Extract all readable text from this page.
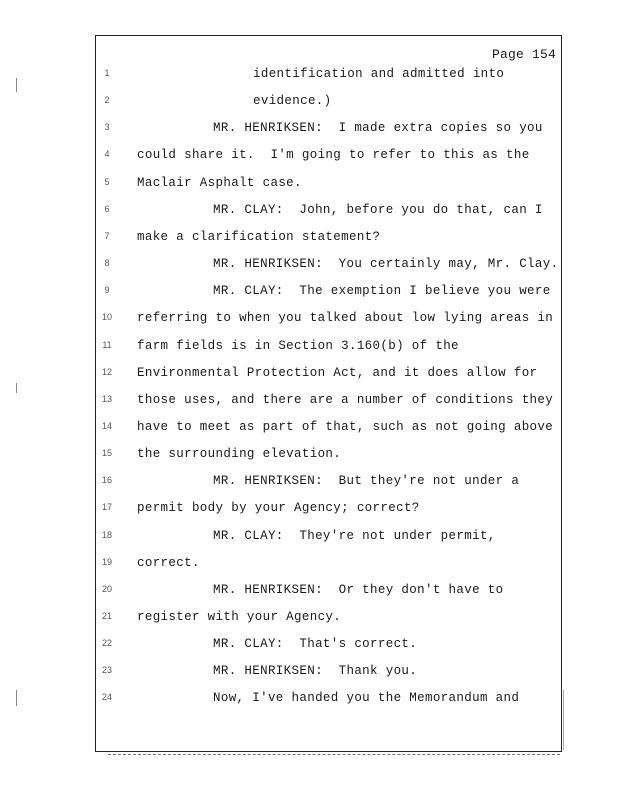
Page 154
1	identification and admitted into
2	evidence.)
3	MR. HENRIKSEN:  I made extra copies so you
4	could share it.  I'm going to refer to this as the
5	Maclair Asphalt case.
6	MR. CLAY:  John, before you do that, can I
7	make a clarification statement?
8	MR. HENRIKSEN:  You certainly may, Mr. Clay.
9	MR. CLAY:  The exemption I believe you were
10	referring to when you talked about low lying areas in
11	farm fields is in Section 3.160(b) of the
12	Environmental Protection Act, and it does allow for
13	those uses, and there are a number of conditions they
14	have to meet as part of that, such as not going above
15	the surrounding elevation.
16	MR. HENRIKSEN:  But they're not under a
17	permit body by your Agency; correct?
18	MR. CLAY:  They're not under permit,
19	correct.
20	MR. HENRIKSEN:  Or they don't have to
21	register with your Agency.
22	MR. CLAY:  That's correct.
23	MR. HENRIKSEN:  Thank you.
24	Now, I've handed you the Memorandum and
